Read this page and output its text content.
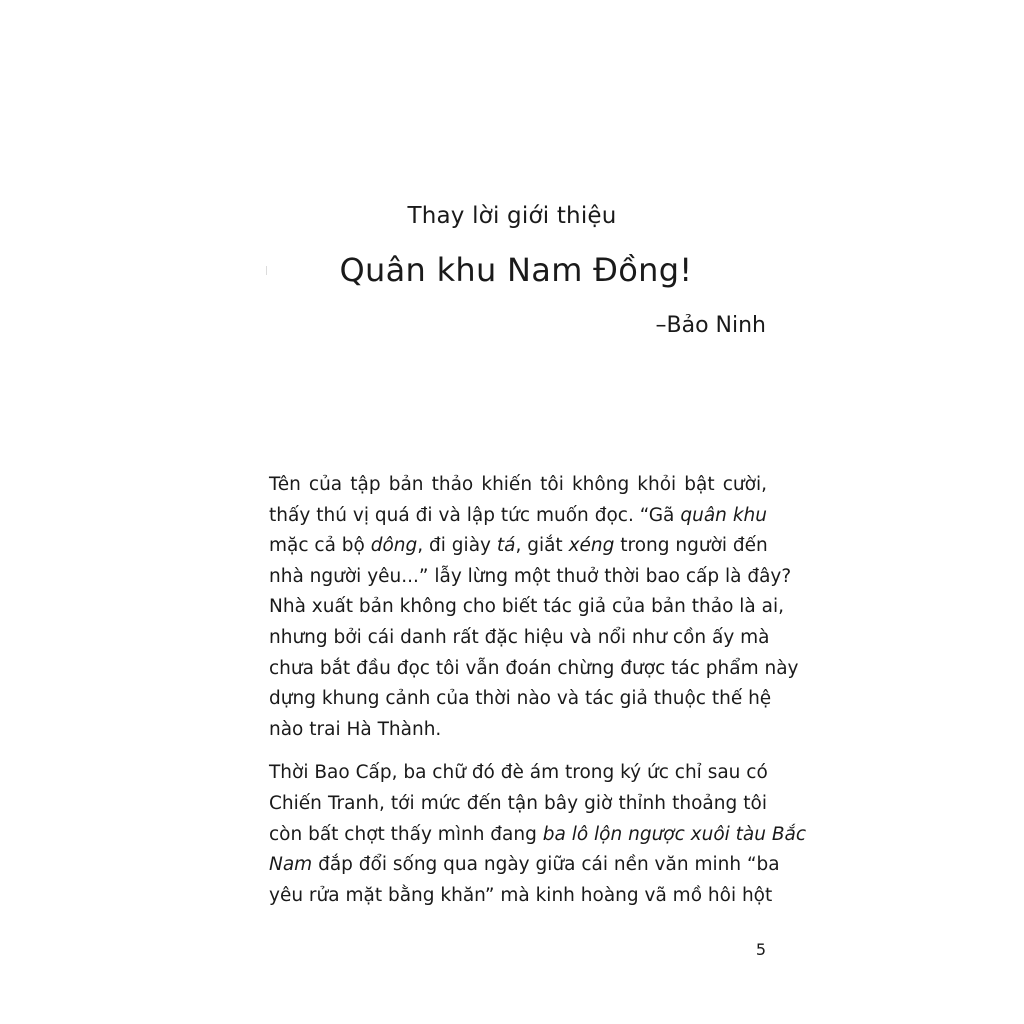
Thay lời giới thiệu
Quân khu Nam Đồng!
–Bảo Ninh

Tên của tập bản thảo khiến tôi không khỏi bật cười,
thấy thú vị quá đi và lập tức muốn đọc. “Gã quân khu
mặc cả bộ dông, đi giày tá, giắt xéng trong người đến
nhà người yêu...” lẫy lừng một thuở thời bao cấp là đây?
Nhà xuất bản không cho biết tác giả của bản thảo là ai,
nhưng bởi cái danh rất đặc hiệu và nổi như cồn ấy mà
chưa bắt đầu đọc tôi vẫn đoán chừng được tác phẩm này
dựng khung cảnh của thời nào và tác giả thuộc thế hệ
nào trai Hà Thành.

Thời Bao Cấp, ba chữ đó đè ám trong ký ức chỉ sau có
Chiến Tranh, tới mức đến tận bây giờ thỉnh thoảng tôi
còn bất chợt thấy mình đang ba lô lộn ngược xuôi tàu Bắc
Nam đắp đổi sống qua ngày giữa cái nền văn minh “ba
yêu rửa mặt bằng khăn” mà kinh hoàng vã mồ hôi hột

5
